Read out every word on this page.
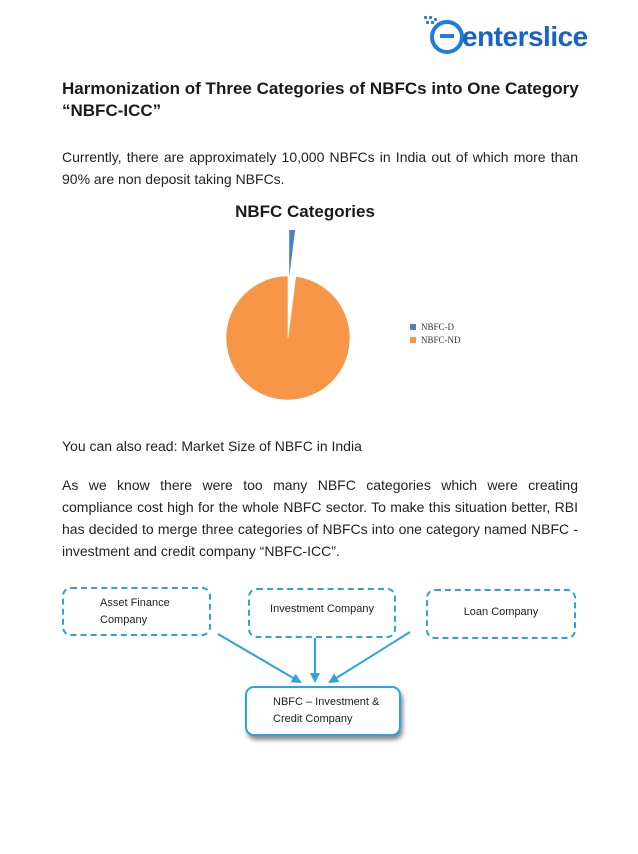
enterslice
Harmonization of Three Categories of NBFCs into One Category “NBFC-ICC”

Currently, there are approximately 10,000 NBFCs in India out of which more than 90% are non deposit taking NBFCs.

NBFC Categories
NBFC-D
NBFC-ND

You can also read: Market Size of NBFC in India

As we know there were too many NBFC categories which were creating compliance cost high for the whole NBFC sector. To make this situation better, RBI has decided to merge three categories of NBFCs into one category named NBFC - investment and credit company “NBFC-ICC”.

Asset Finance Company
Investment Company	Loan Company
NBFC – Investment & Credit Company
